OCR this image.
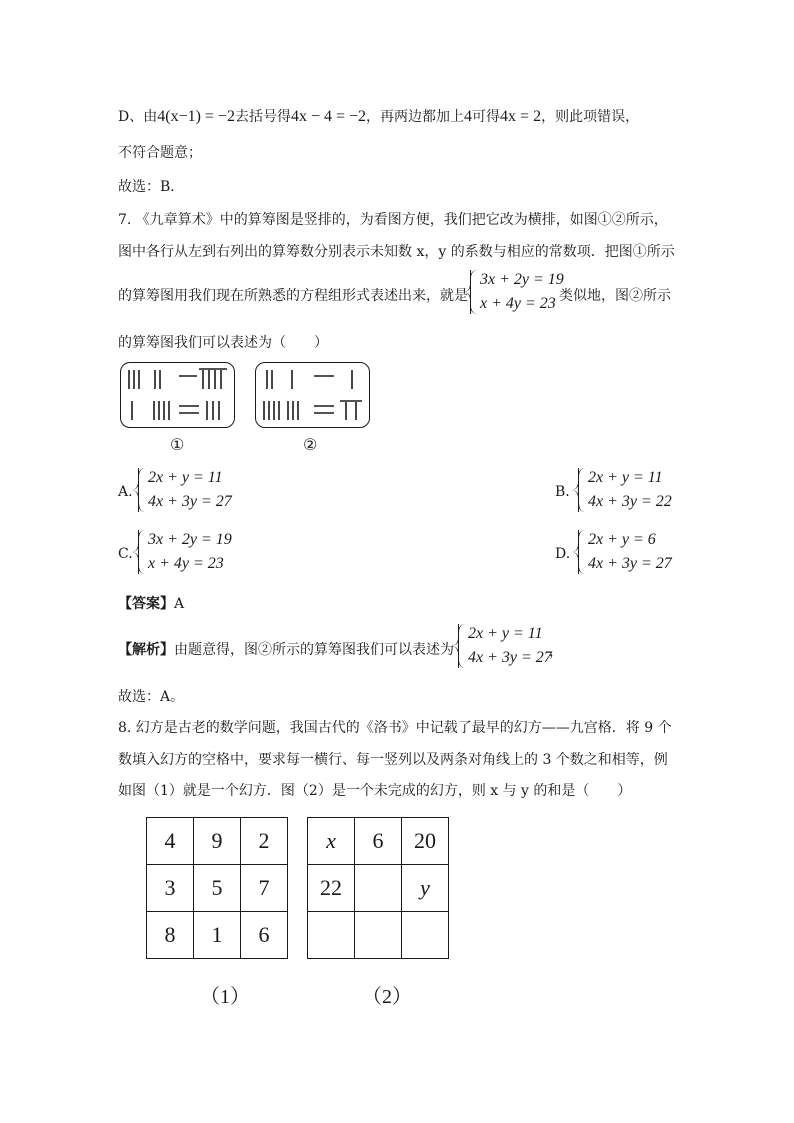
D、由4(x−1) = −2去括号得4x − 4 = −2，再两边都加上4可得4x = 2，则此项错误，
不符合题意；
故选：B．
7. 《九章算术》中的算筹图是竖排的，为看图方便，我们把它改为横排，如图①②所示，
图中各行从左到右列出的算筹数分别表示未知数 x，y 的系数与相应的常数项．把图①所示
的算筹图用我们现在所熟悉的方程组形式表述出来，就是
3x + 2y = 19
x + 4y = 23 类似地，图②所示
的算筹图我们可以表述为（　　）
①	②
A.
2x + y = 11
4x + 3y = 27
B.
2x + y = 11
4x + 3y = 22
C.
3x + 2y = 19
x + 4y = 23
D.
2x + y = 6
4x + 3y = 27
【答案】A
【解析】由题意得，图②所示的算筹图我们可以表述为
2x + y = 11
4x + 3y = 27
，
故选：A。
8. 幻方是古老的数学问题，我国古代的《洛书》中记载了最早的幻方——九宫格．将 9 个
数填入幻方的空格中，要求每一横行、每一竖列以及两条对角线上的 3 个数之和相等，例
如图（1）就是一个幻方．图（2）是一个未完成的幻方，则 x 与 y 的和是（　　）
4	9	2
3	5	7
8	1	6
（1）
x	6	20
22		y

（2）
